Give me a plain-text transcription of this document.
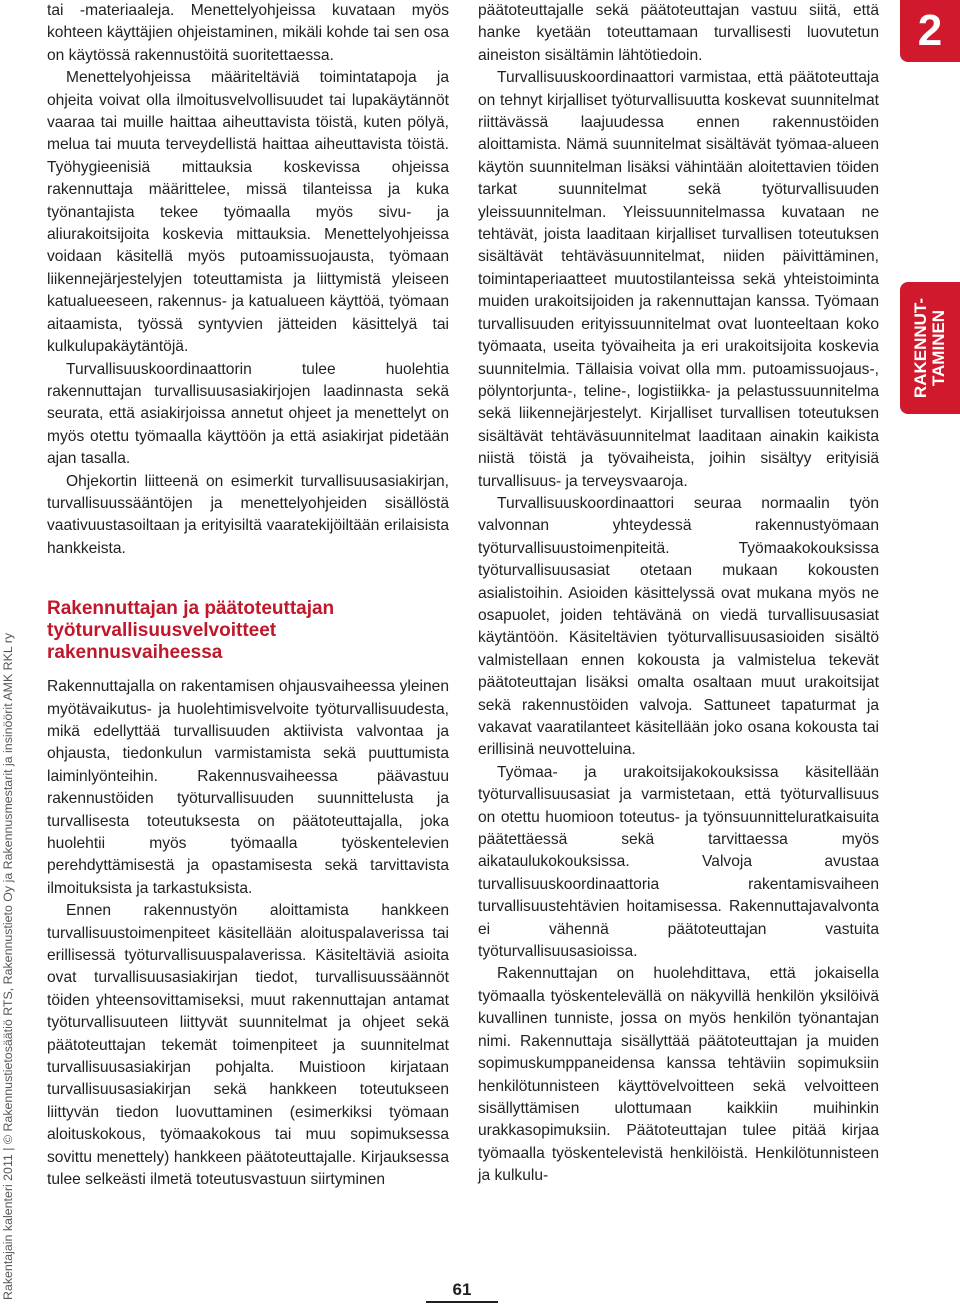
tai -materiaaleja. Menettelyohjeissa kuvataan myös kohteen käyttäjien ohjeistaminen, mikäli kohde tai sen osa on käytössä rakennustöitä suoritettaessa.

Menettelyohjeissa määriteltäviä toimintatapoja ja ohjeita voivat olla ilmoitusvelvollisuudet tai lupakäytännöt vaaraa tai muille haittaa aiheuttavista töistä, kuten pölyä, melua tai muuta terveydellistä haittaa aiheuttavista töistä. Työhygieenisiä mittauksia koskevissa ohjeissa rakennuttaja määrittelee, missä tilanteissa ja kuka työnantajista tekee työmaalla myös sivu- ja aliurakoitsijoita koskevia mittauksia. Menettelyohjeissa voidaan käsitellä myös putoamissuojausta, työmaan liikennejärjestelyjen toteuttamista ja liittymistä yleiseen katualueeseen, rakennus- ja katualueen käyttöä, työmaan aitaamista, työssä syntyvien jätteiden käsittelyä tai kulkulupakäytäntöjä.

Turvallisuuskoordinaattorin tulee huolehtia rakennuttajan turvallisuusasiakirjojen laadinnasta sekä seurata, että asiakirjoissa annetut ohjeet ja menettelyt on myös otettu työmaalla käyttöön ja että asiakirjat pidetään ajan tasalla.

Ohjekortin liitteenä on esimerkit turvallisuusasiakirjan, turvallisuussääntöjen ja menettelyohjeiden sisällöstä vaativuustasoiltaan ja erityisiltä vaaratekijöiltään erilaisista hankkeista.

Rakennuttajan ja päätoteuttajan työturvallisuusvelvoitteet rakennusvaiheessa

Rakennuttajalla on rakentamisen ohjausvaiheessa yleinen myötävaikutus- ja huolehtimisvelvoite työturvallisuudesta, mikä edellyttää turvallisuuden aktiivista valvontaa ja ohjausta, tiedonkulun varmistamista sekä puuttumista laiminlyönteihin. Rakennusvaiheessa päävastuu rakennustöiden työturvallisuuden suunnittelusta ja turvallisesta toteutuksesta on päätoteuttajalla, joka huolehtii myös työmaalla työskentelevien perehdyttämisestä ja opastamisesta sekä tarvittavista ilmoituksista ja tarkastuksista.

Ennen rakennustyön aloittamista hankkeen turvallisuustoimenpiteet käsitellään aloituspalaverissa tai erillisessä työturvallisuuspalaverissa. Käsiteltäviä asioita ovat turvallisuusasiakirjan tiedot, turvallisuussäännöt töiden yhteensovittamiseksi, muut rakennuttajan antamat työturvallisuuteen liittyvät suunnitelmat ja ohjeet sekä päätoteuttajan tekemät toimenpiteet ja suunnitelmat turvallisuusasiakirjan pohjalta. Muistioon kirjataan turvallisuusasiakirjan sekä hankkeen toteutukseen liittyvän tiedon luovuttaminen (esimerkiksi työmaan aloituskokous, työmaakokous tai muu sopimuksessa sovittu menettely) hankkeen päätoteuttajalle. Kirjauksessa tulee selkeästi ilmetä toteutusvastuun siirtyminen

päätoteuttajalle sekä päätoteuttajan vastuu siitä, että hanke kyetään toteuttamaan turvallisesti luovutetun aineiston sisältämin lähtötiedoin.

Turvallisuuskoordinaattori varmistaa, että päätoteuttaja on tehnyt kirjalliset työturvallisuutta koskevat suunnitelmat riittävässä laajuudessa ennen rakennustöiden aloittamista. Nämä suunnitelmat sisältävät työmaa-alueen käytön suunnitelman lisäksi vähintään aloitettavien töiden tarkat suunnitelmat sekä työturvallisuuden yleissuunnitelman. Yleissuunnitelmassa kuvataan ne tehtävät, joista laaditaan kirjalliset turvallisen toteutuksen sisältävät tehtäväsuunnitelmat, niiden päivittäminen, toimintaperiaatteet muutostilanteissa sekä yhteistoiminta muiden urakoitsijoiden ja rakennuttajan kanssa. Työmaan turvallisuuden erityissuunnitelmat ovat luonteeltaan koko työmaata, useita työvaiheita ja eri urakoitsijoita koskevia suunnitelmia. Tällaisia voivat olla mm. putoamissuojaus-, pölyntorjunta-, teline-, logistiikka- ja pelastussuunnitelma sekä liikennejärjestelyt. Kirjalliset turvallisen toteutuksen sisältävät tehtäväsuunnitelmat laaditaan ainakin kaikista niistä töistä ja työvaiheista, joihin sisältyy erityisiä turvallisuus- ja terveysvaaroja.

Turvallisuuskoordinaattori seuraa normaalin työn valvonnan yhteydessä rakennustyömaan työturvallisuustoimenpiteitä. Työmaakokouksissa työturvallisuusasiat otetaan mukaan kokousten asialistoihin. Asioiden käsittelyssä ovat mukana myös ne osapuolet, joiden tehtävänä on viedä turvallisuusasiat käytäntöön. Käsiteltävien työturvallisuusasioiden sisältö valmistellaan ennen kokousta ja valmistelua tekevät päätoteuttajan lisäksi omalta osaltaan muut urakoitsijat sekä rakennustöiden valvoja. Sattuneet tapaturmat ja vakavat vaaratilanteet käsitellään joko osana kokousta tai erillisinä neuvotteluina.

Työmaa- ja urakoitsijakokouksissa käsitellään työturvallisuusasiat ja varmistetaan, että työturvallisuus on otettu huomioon toteutus- ja työnsuunnitteluratkaisuita päätettäessä sekä tarvittaessa myös aikataulukokouksissa. Valvoja avustaa turvallisuuskoordinaattoria rakentamisvaiheen turvallisuustehtävien hoitamisessa. Rakennuttajavalvonta ei vähennä päätoteuttajan vastuita työturvallisuusasioissa.

Rakennuttajan on huolehdittava, että jokaisella työmaalla työskentelevällä on näkyvillä henkilön yksilöivä kuvallinen tunniste, jossa on myös henkilön työnantajan nimi. Rakennuttaja sisällyttää päätoteuttajan ja muiden sopimuskumppaneidensa kanssa tehtäviin sopimuksiin henkilötunnisteen käyttövelvoitteen sekä velvoitteen sisällyttämisen ulottumaan kaikkiin muihinkin urakkasopimuksiin. Päätoteuttajan tulee pitää kirjaa työmaalla työskentelevistä henkilöistä. Henkilötunnisteen ja kulkulu-

2
RAKENNUT-
TAMINEN
Rakentajain kalenteri 2011 | © Rakennustietosäätiö RTS, Rakennustieto Oy ja Rakennusmestarit ja insinöörit AMK RKL ry	61
